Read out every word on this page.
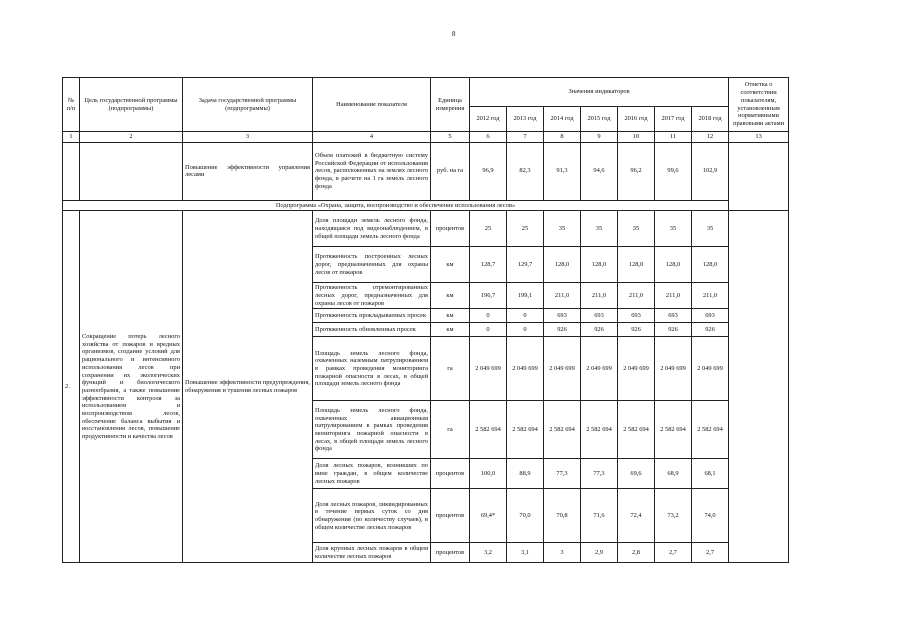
8
№ п/п	Цель государственной программы (подпрограммы)	Задача государственной программы (подпрограммы)	Наименование показателя	Единица измерения	Значения индикаторов							Отметка о соответствии показателям, установленным нормативными правовыми актами
					2012 год	2013 год	2014 год	2015 год	2016 год	2017 год	2018 год	
1	2	3	4	5	6	7	8	9	10	11	12	13
		Повышение эффективности управления лесами	Объем платежей в бюджетную систему Российской Федерации от использования лесов, расположенных на землях лесного фонда, в расчете на 1 га земель лесного фонда	руб. на га	96,9	82,3	91,3	94,6	96,2	99,6	102,9	
Подпрограмма «Охрана, защита, воспроизводство и обеспечение использования лесов»												
2.	Сокращение потерь лесного хозяйства от пожаров и вредных организмов, создание условий для рационального и интенсивного использования лесов при сохранении их экологических функций и биологического разнообразия, а также повышение эффективности контроля за использованием и воспроизводством лесов, обеспечение баланса выбытия и восстановления лесов, повышение продуктивности и качества лесов	Повышение эффективности предупреждения, обнаружения и тушения лесных пожаров	Доля площади земель лесного фонда, находящаяся под видеонаблюдением, в общей площади земель лесного фонда	процентов	25	25	35	35	35	35	35	
			Протяженность построенных лесных дорог, предназначенных для охраны лесов от пожаров	км	128,7	129,7	128,0	128,0	128,0	128,0	128,0	
			Протяженность отремонтированных лесных дорог, предназначенных для охраны лесов от пожаров	км	196,7	199,1	211,0	211,0	211,0	211,0	211,0	
			Протяженность прокладываемых просек	км	0	0	693	693	693	693	693	
			Протяженность обновленных просек	км	0	0	926	926	926	926	926	
			Площадь земель лесного фонда, охваченных наземным патрулированием в рамках проведения мониторинга пожарной опасности в лесах, в общей площади земель лесного фонда	га	2 049 699	2 049 699	2 049 699	2 049 699	2 049 699	2 049 699	2 049 699	
			Площадь земель лесного фонда, охваченных авиационным патрулированием в рамках проведения мониторинга пожарной опасности в лесах, в общей площади земель лесного фонда	га	2 582 694	2 582 694	2 582 694	2 582 694	2 582 694	2 582 694	2 582 694	
			Доля лесных пожаров, возникших по вине граждан, в общем количестве лесных пожаров	процентов	100,0	88,9	77,3	77,3	69,6	68,9	68,1	
			Доля лесных пожаров, ликвидированных в течение первых суток со дня обнаружения (по количеству случаев), в общем количестве лесных пожаров	процентов	69,4*	70,0	70,8	71,6	72,4	73,2	74,0	
			Доля крупных лесных пожаров в общем количестве лесных пожаров	процентов	3,2	3,1	3	2,9	2,8	2,7	2,7	
